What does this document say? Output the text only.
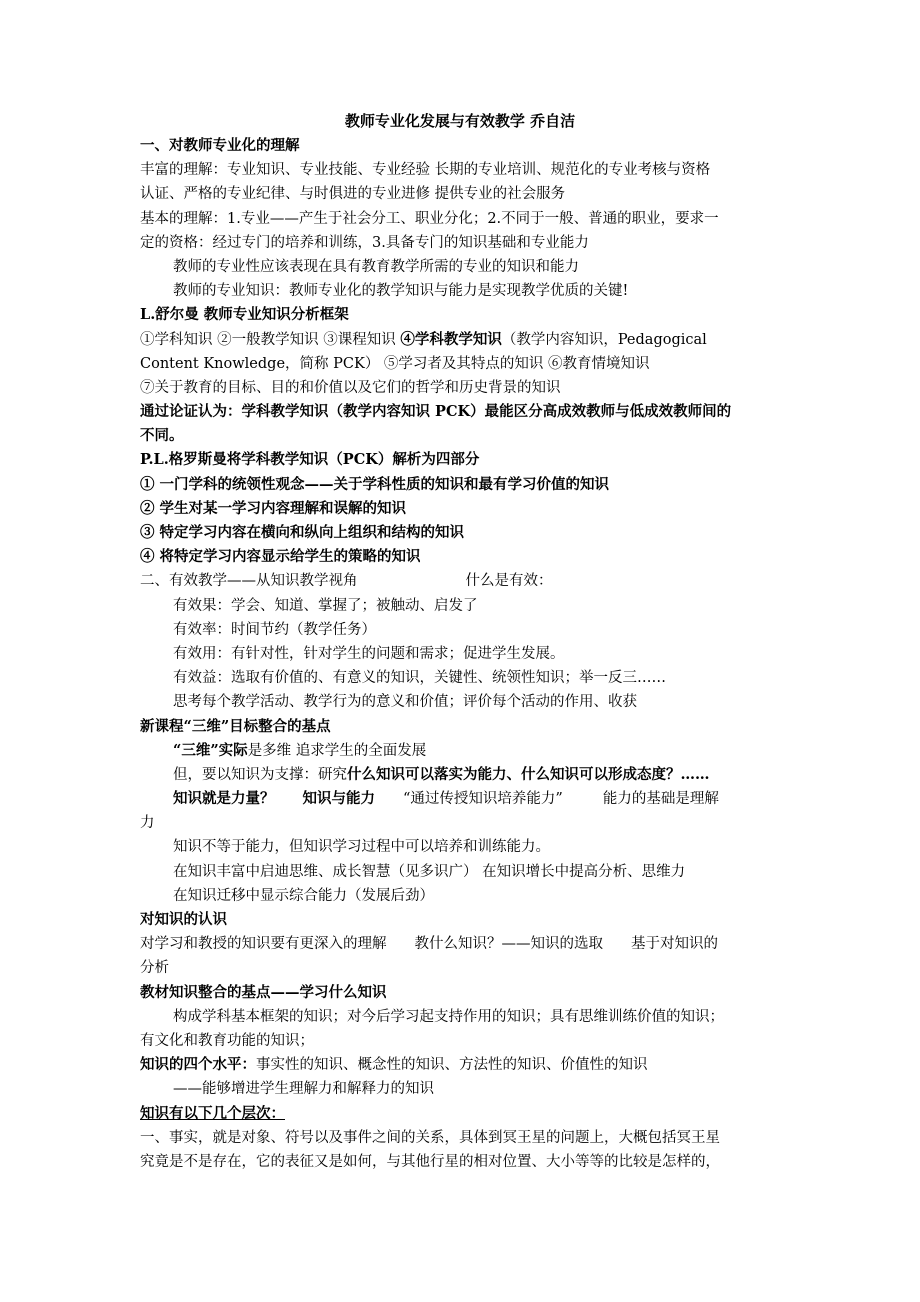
教师专业化发展与有效教学 乔自洁
一、对教师专业化的理解
丰富的理解：专业知识、专业技能、专业经验 长期的专业培训、规范化的专业考核与资格
认证、严格的专业纪律、与时俱进的专业进修 提供专业的社会服务
基本的理解：1.专业——产生于社会分工、职业分化；2.不同于一般、普通的职业，要求一
定的资格：经过专门的培养和训练，3.具备专门的知识基础和专业能力
教师的专业性应该表现在具有教育教学所需的专业的知识和能力
教师的专业知识：教师专业化的教学知识与能力是实现教学优质的关键!
L.舒尔曼 教师专业知识分析框架
①学科知识 ②一般教学知识 ③课程知识 ④学科教学知识（教学内容知识，Pedagogical
Content Knowledge，简称 PCK） ⑤学习者及其特点的知识 ⑥教育情境知识
⑦关于教育的目标、目的和价值以及它们的哲学和历史背景的知识
通过论证认为：学科教学知识（教学内容知识 PCK）最能区分高成效教师与低成效教师间的
不同。
P.L.格罗斯曼将学科教学知识（PCK）解析为四部分
① 一门学科的统领性观念——关于学科性质的知识和最有学习价值的知识
② 学生对某一学习内容理解和误解的知识
③ 特定学习内容在横向和纵向上组织和结构的知识
④ 将特定学习内容显示给学生的策略的知识
二、有效教学——从知识教学视角	什么是有效：
有效果：学会、知道、掌握了；被触动、启发了
有效率：时间节约（教学任务）
有效用：有针对性，针对学生的问题和需求；促进学生发展。
有效益：选取有价值的、有意义的知识，关键性、统领性知识；举一反三……
思考每个教学活动、教学行为的意义和价值；评价每个活动的作用、收获
新课程“三维”目标整合的基点
“三维”实际是多维 追求学生的全面发展
但，要以知识为支撑：研究什么知识可以落实为能力、什么知识可以形成态度？……
知识就是力量？ 知识与能力 “通过传授知识培养能力”	能力的基础是理解
力
知识不等于能力，但知识学习过程中可以培养和训练能力。
在知识丰富中启迪思维、成长智慧（见多识广） 在知识增长中提高分析、思维力
在知识迁移中显示综合能力（发展后劲）
对知识的认识
对学习和教授的知识要有更深入的理解 教什么知识？——知识的选取 基于对知识的
分析
教材知识整合的基点——学习什么知识
构成学科基本框架的知识；对今后学习起支持作用的知识；具有思维训练价值的知识；
有文化和教育功能的知识；
知识的四个水平：事实性的知识、概念性的知识、方法性的知识、价值性的知识
——能够增进学生理解力和解释力的知识
知识有以下几个层次：
一、事实，就是对象、符号以及事件之间的关系，具体到冥王星的问题上，大概包括冥王星
究竟是不是存在，它的表征又是如何，与其他行星的相对位置、大小等等的比较是怎样的，
